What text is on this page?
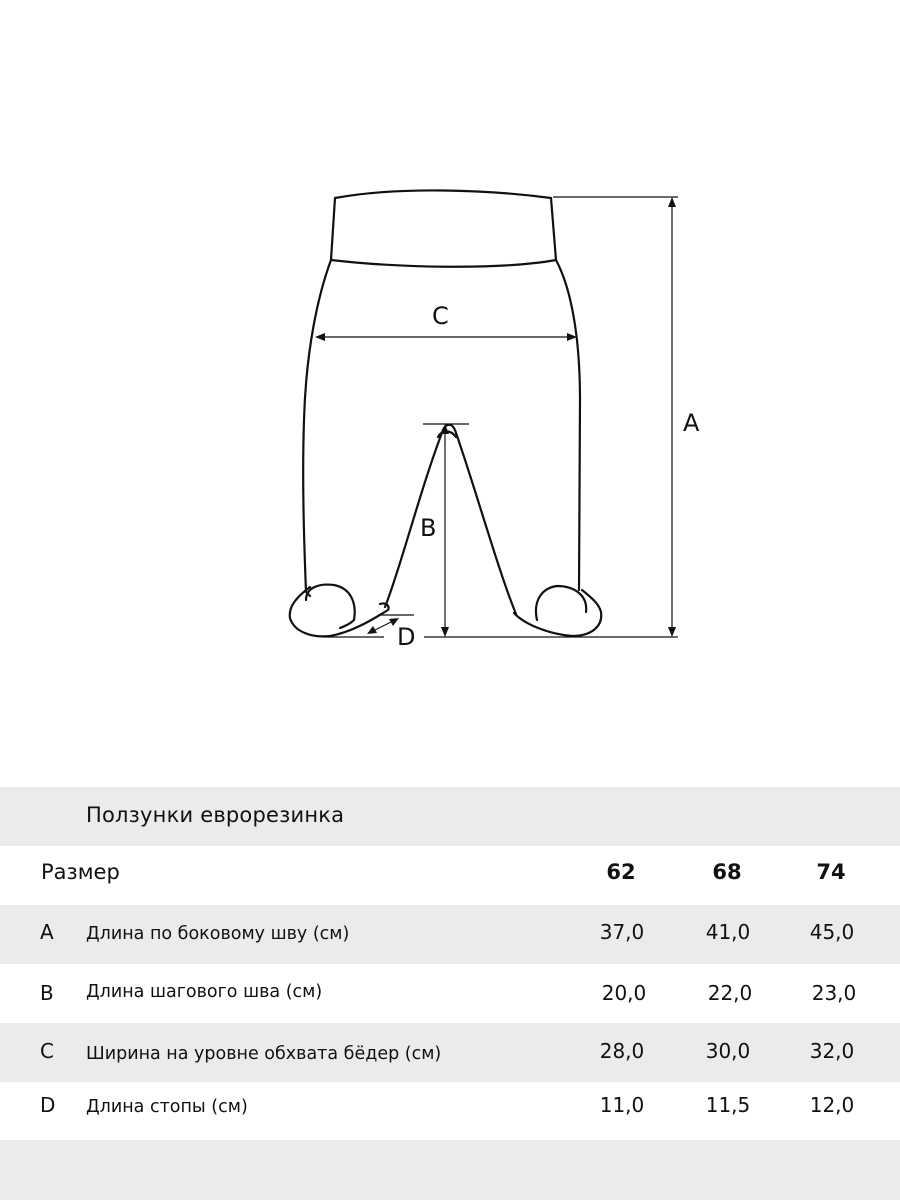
A
B
C
D
Ползунки еврорезинка
Размер	62	68	74
A Длина по боковому шву (см)	37,0	41,0	45,0
B Длина шагового шва (см)	20,0	22,0	23,0
C Ширина на уровне обхвата бёдер (см)	28,0	30,0	32,0
D Длина стопы (см)	11,0	11,5	12,0
